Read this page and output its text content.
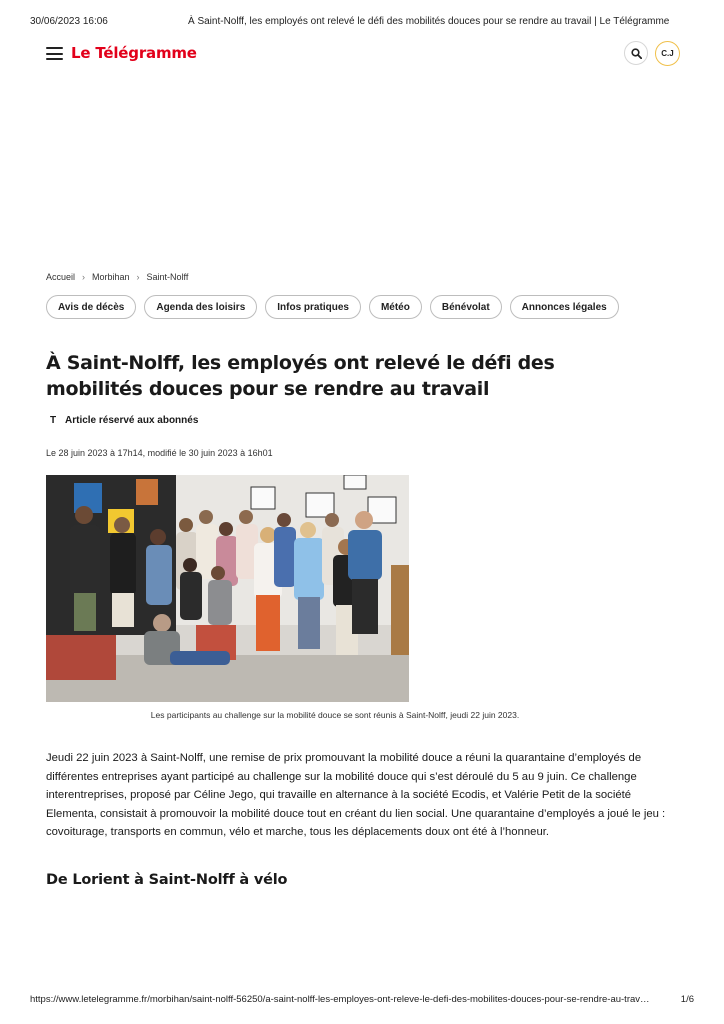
30/06/2023 16:06	À Saint-Nolff, les employés ont relevé le défi des mobilités douces pour se rendre au travail | Le Télégramme
Le Télégramme	C.J
Accueil › Morbihan › Saint-Nolff
Avis de décès	Agenda des loisirs	Infos pratiques	Météo	Bénévolat	Annonces légales
À Saint-Nolff, les employés ont relevé le défi des mobilités douces pour se rendre au travail
T Article réservé aux abonnés
Le 28 juin 2023 à 17h14, modifié le 30 juin 2023 à 16h01
Les participants au challenge sur la mobilité douce se sont réunis à Saint-Nolff, jeudi 22 juin 2023.

Jeudi 22 juin 2023 à Saint-Nolff, une remise de prix promouvant la mobilité douce a réuni la quarantaine d’employés de différentes entreprises ayant participé au challenge sur la mobilité douce qui s’est déroulé du 5 au 9 juin. Ce challenge interentreprises, proposé par Céline Jego, qui travaille en alternance à la société Ecodis, et Valérie Petit de la société Elementa, consistait à promouvoir la mobilité douce tout en créant du lien social. Une quarantaine d’employés a joué le jeu : covoiturage, transports en commun, vélo et marche, tous les déplacements doux ont été à l’honneur.

De Lorient à Saint-Nolff à vélo
https://www.letelegramme.fr/morbihan/saint-nolff-56250/a-saint-nolff-les-employes-ont-releve-le-defi-des-mobilites-douces-pour-se-rendre-au-trav…	1/6
